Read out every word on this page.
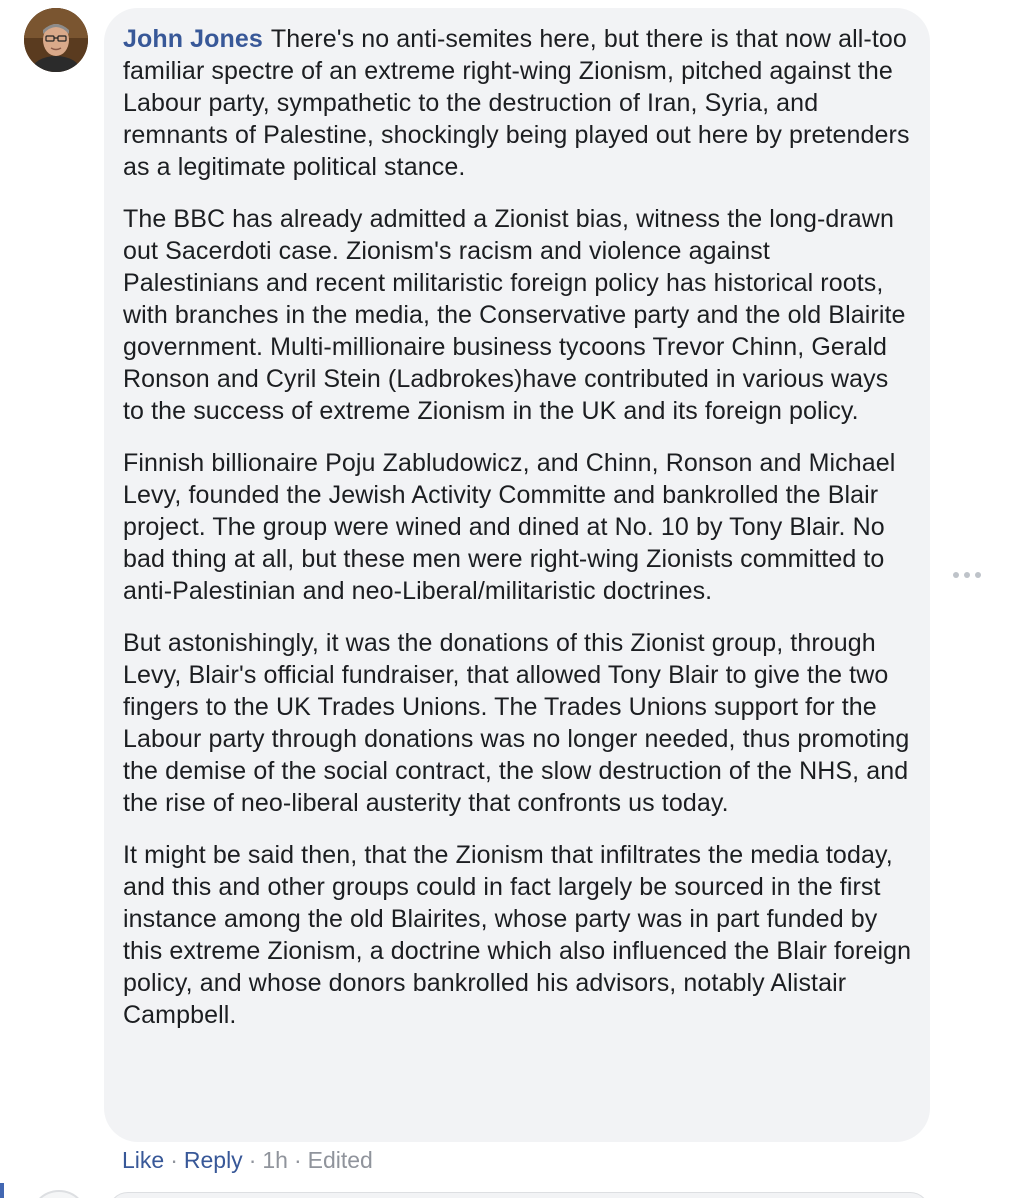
John Jones There's no anti-semites here, but there is that now all-too familiar spectre of an extreme right-wing Zionism, pitched against the Labour party, sympathetic to the destruction of Iran, Syria, and remnants of Palestine, shockingly being played out here by pretenders as a legitimate political stance.

The BBC has already admitted a Zionist bias, witness the long-drawn out Sacerdoti case. Zionism's racism and violence against Palestinians and recent militaristic foreign policy has historical roots, with branches in the media, the Conservative party and the old Blairite government. Multi-millionaire business tycoons Trevor Chinn, Gerald Ronson and Cyril Stein (Ladbrokes)have contributed in various ways to the success of extreme Zionism in the UK and its foreign policy.

Finnish billionaire Poju Zabludowicz, and Chinn, Ronson and Michael Levy, founded the Jewish Activity Committe and bankrolled the Blair project. The group were wined and dined at No. 10 by Tony Blair. No bad thing at all, but these men were right-wing Zionists committed to anti-Palestinian and neo-Liberal/militaristic doctrines.

But astonishingly, it was the donations of this Zionist group, through Levy, Blair's official fundraiser, that allowed Tony Blair to give the two fingers to the UK Trades Unions. The Trades Unions support for the Labour party through donations was no longer needed, thus promoting the demise of the social contract, the slow destruction of the NHS, and the rise of neo-liberal austerity that confronts us today.

It might be said then, that the Zionism that infiltrates the media today, and this and other groups could in fact largely be sourced in the first instance among the old Blairites, whose party was in part funded by this extreme Zionism, a doctrine which also influenced the Blair foreign policy, and whose donors bankrolled his advisors, notably Alistair Campbell.

Like · Reply · 1h · Edited
